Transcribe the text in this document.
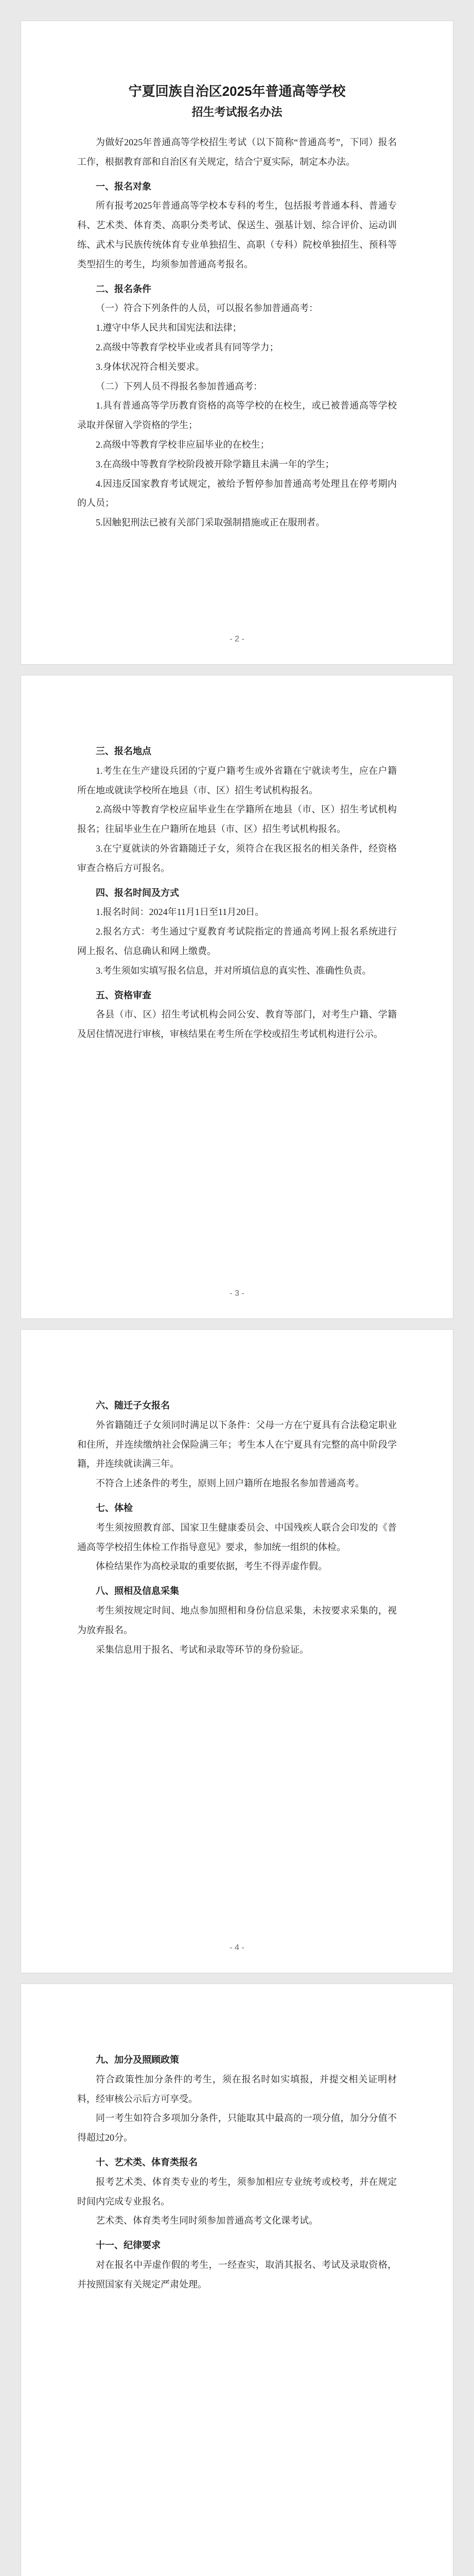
宁夏回族自治区2025年普通高等学校
招生考试报名办法

为做好2025年普通高等学校招生考试（以下简称“普通高考”，下同）报名工作，根据教育部和自治区有关规定，结合宁夏实际，制定本办法。

一、报名对象

所有报考2025年普通高等学校本专科的考生，包括报考普通本科、普通专科、艺术类、体育类、高职分类考试、保送生、强基计划、综合评价、运动训练、武术与民族传统体育专业单独招生、高职（专科）院校单独招生、预科等类型招生的考生，均须参加普通高考报名。

二、报名条件

（一）符合下列条件的人员，可以报名参加普通高考：

1.遵守中华人民共和国宪法和法律；

2.高级中等教育学校毕业或者具有同等学力；

3.身体状况符合相关要求。

（二）下列人员不得报名参加普通高考：

1.具有普通高等学历教育资格的高等学校的在校生，或已被普通高等学校录取并保留入学资格的学生；

2.高级中等教育学校非应届毕业的在校生；

3.在高级中等教育学校阶段被开除学籍且未满一年的学生；

4.因违反国家教育考试规定，被给予暂停参加普通高考处理且在停考期内的人员；

5.因触犯刑法已被有关部门采取强制措施或正在服刑者。

- 2 -

三、报名地点

1.考生在生产建设兵团的宁夏户籍考生或外省籍在宁就读考生，应在户籍所在地或就读学校所在地县（市、区）招生考试机构报名。

2.高级中等教育学校应届毕业生在学籍所在地县（市、区）招生考试机构报名；往届毕业生在户籍所在地县（市、区）招生考试机构报名。

3.在宁夏就读的外省籍随迁子女，须符合在我区报名的相关条件，经资格审查合格后方可报名。

四、报名时间及方式

1.报名时间：2024年11月1日至11月20日。

2.报名方式：考生通过宁夏教育考试院指定的普通高考网上报名系统进行网上报名、信息确认和网上缴费。

3.考生须如实填写报名信息，并对所填信息的真实性、准确性负责。

五、资格审查

各县（市、区）招生考试机构会同公安、教育等部门，对考生户籍、学籍及居住情况进行审核，审核结果在考生所在学校或招生考试机构进行公示。

- 3 -

六、随迁子女报名

外省籍随迁子女须同时满足以下条件：父母一方在宁夏具有合法稳定职业和住所，并连续缴纳社会保险满三年；考生本人在宁夏具有完整的高中阶段学籍，并连续就读满三年。

不符合上述条件的考生，原则上回户籍所在地报名参加普通高考。

七、体检

考生须按照教育部、国家卫生健康委员会、中国残疾人联合会印发的《普通高等学校招生体检工作指导意见》要求，参加统一组织的体检。

体检结果作为高校录取的重要依据，考生不得弄虚作假。

八、照相及信息采集

考生须按规定时间、地点参加照相和身份信息采集，未按要求采集的，视为放弃报名。

采集信息用于报名、考试和录取等环节的身份验证。

- 4 -

九、加分及照顾政策

符合政策性加分条件的考生，须在报名时如实填报，并提交相关证明材料，经审核公示后方可享受。

同一考生如符合多项加分条件，只能取其中最高的一项分值，加分分值不得超过20分。

十、艺术类、体育类报名

报考艺术类、体育类专业的考生，须参加相应专业统考或校考，并在规定时间内完成专业报名。

艺术类、体育类考生同时须参加普通高考文化课考试。

十一、纪律要求

对在报名中弄虚作假的考生，一经查实，取消其报名、考试及录取资格，并按照国家有关规定严肃处理。
